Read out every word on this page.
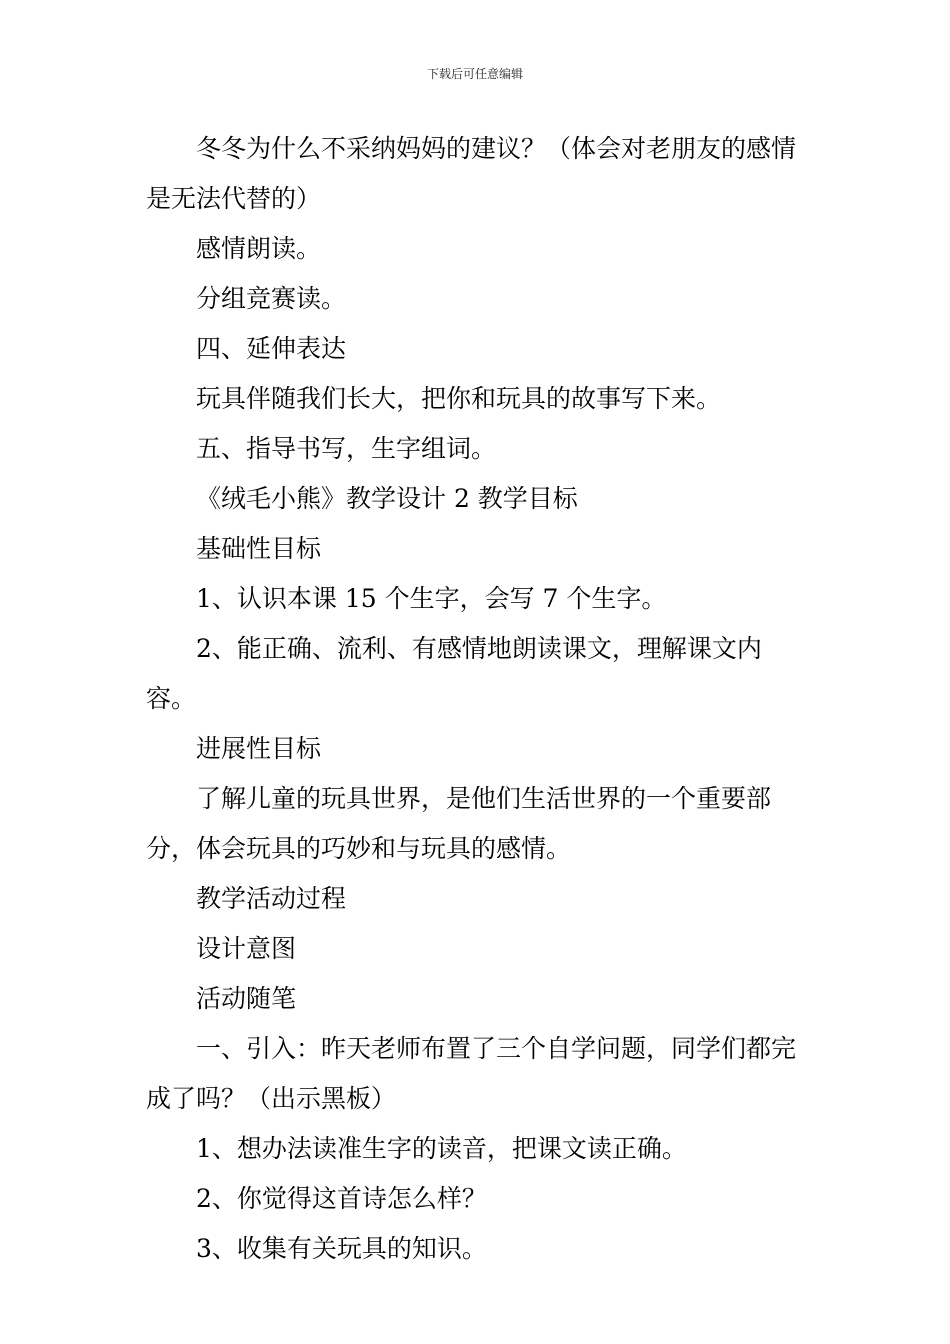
下载后可任意编辑

冬冬为什么不采纳妈妈的建议？（体会对老朋友的感情是无法代替的）

感情朗读。

分组竞赛读。

四、延伸表达

玩具伴随我们长大，把你和玩具的故事写下来。

五、指导书写，生字组词。

《绒毛小熊》教学设计 2 教学目标

基础性目标

1、认识本课 15 个生字，会写 7 个生字。

2、能正确、流利、有感情地朗读课文，理解课文内容。

进展性目标

了解儿童的玩具世界，是他们生活世界的一个重要部分，体会玩具的巧妙和与玩具的感情。

教学活动过程

设计意图

活动随笔

一、引入：昨天老师布置了三个自学问题，同学们都完成了吗？（出示黑板）

1、想办法读准生字的读音，把课文读正确。

2、你觉得这首诗怎么样？

3、收集有关玩具的知识。
